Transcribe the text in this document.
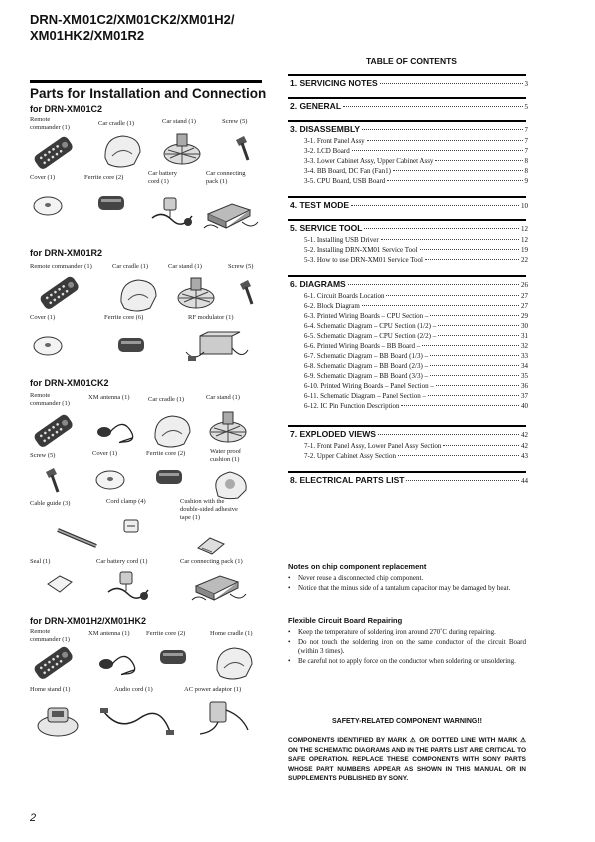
DRN-XM01C2/XM01CK2/XM01H2/
XM01HK2/XM01R2
Parts for Installation and Connection
for DRN-XM01C2
Remote
commander (1)
Car cradle (1)	Car stand (1)	Screw (5)
Cover (1)	Ferrite core (2)
Car battery
cord (1)
Car connecting
pack (1)
for DRN-XM01R2
Remote commander (1)	Car cradle (1)	Car stand (1)	Screw (5)
Cover (1)	Ferrite core (6)	RF modulator (1)
for DRN-XM01CK2
Remote
commander (1)
XM antenna (1)	Car cradle (1)	Car stand (1)
Screw (5)	Cover (1)	Ferrite core (2)	Water proof
cushion (1)
Cable guide (3)	Cord clamp (4)	Cushion with the
double-sided adhesive
tape (1)
Seal (1)	Car battery cord (1)	Car connecting pack (1)
for DRN-XM01H2/XM01HK2
Remote
commander (1)
XM antenna (1)	Ferrite core (2)	Home cradle (1)
Home stand (1)	Audio cord (1)	AC power adaptor (1)
TABLE OF CONTENTS
1. SERVICING NOTES	3
2. GENERAL	5
3. DISASSEMBLY	7
3-1. Front Panel Assy	7
3-2. LCD Board	7
3-3. Lower Cabinet Assy, Upper Cabinet Assy	8
3-4. BB Board, DC Fan (Fan1)	8
3-5. CPU Board, USB Board	9
4. TEST MODE	10
5. SERVICE TOOL	12
5-1. Installing USB Driver	12
5-2. Installing DRN-XM01 Service Tool	19
5-3. How to use DRN-XM01 Service Tool	22
6. DIAGRAMS	26
6-1. Circuit Boards Location	27
6-2. Block Diagram	27
6-3. Printed Wiring Boards – CPU Section –	29
6-4. Schematic Diagram – CPU Section (1/2) –	30
6-5. Schematic Diagram – CPU Section (2/2) –	31
6-6. Printed Wiring Boards – BB Board –	32
6-7. Schematic Diagram – BB Board (1/3) –	33
6-8. Schematic Diagram – BB Board (2/3) –	34
6-9. Schematic Diagram – BB Board (3/3) –	35
6-10. Printed Wiring Boards – Panel Section –	36
6-11. Schematic Diagram – Panel Section –	37
6-12. IC Pin Function Description	40
7. EXPLODED VIEWS	42
7-1. Front Panel Assy, Lower Panel Assy Section	42
7-2. Upper Cabinet Assy Section	43
8. ELECTRICAL PARTS LIST	44
Notes on chip component replacement
•	Never reuse a disconnected chip component.
•	Notice that the minus side of a tantalum capacitor may be damaged by heat.
Flexible Circuit Board Repairing
•	Keep the temperature of soldering iron around 270˚C during repairing.
•	Do not touch the soldering iron on the same conductor of the circuit Board (within 3 times).
•	Be careful not to apply force on the conductor when soldering or unsoldering.
SAFETY-RELATED COMPONENT WARNING!!
COMPONENTS IDENTIFIED BY MARK ⚠ OR DOTTED LINE WITH MARK ⚠ ON THE SCHEMATIC DIAGRAMS AND IN THE PARTS LIST ARE CRITICAL TO SAFE OPERATION. REPLACE THESE COMPONENTS WITH SONY PARTS WHOSE PART NUMBERS APPEAR AS SHOWN IN THIS MANUAL OR IN SUPPLEMENTS PUBLISHED BY SONY.
2
